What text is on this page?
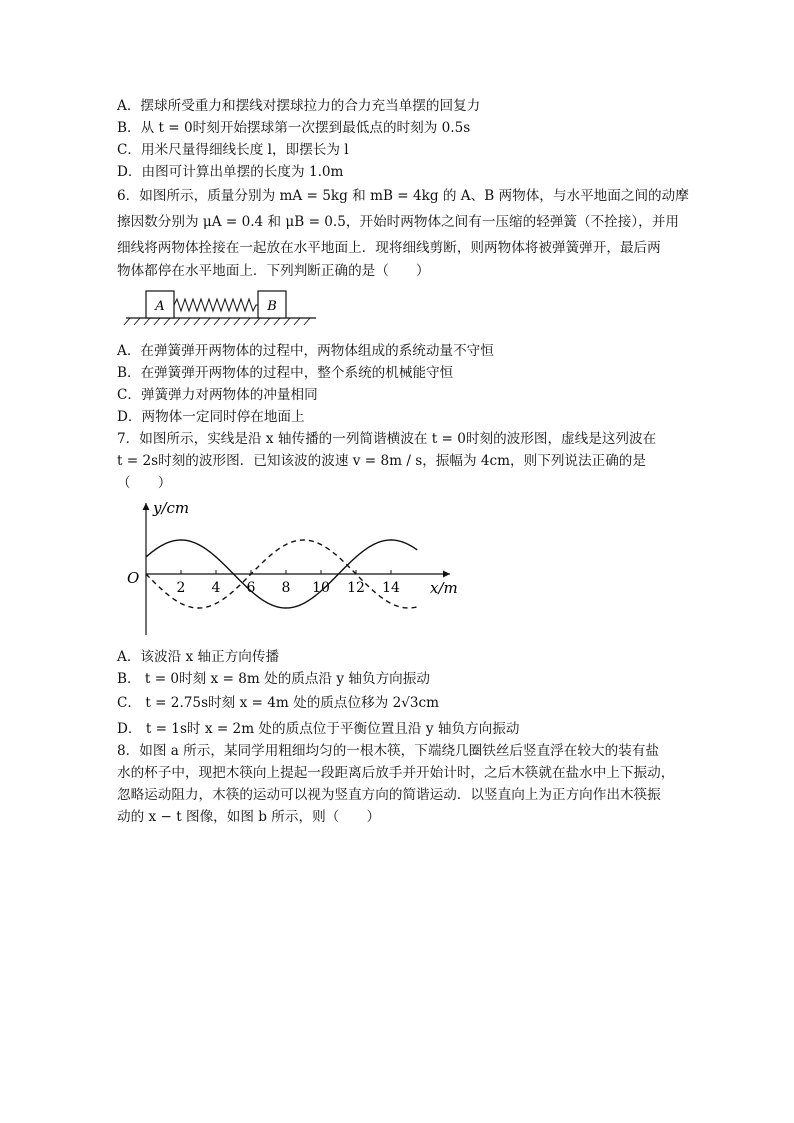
A．摆球所受重力和摆线对摆球拉力的合力充当单摆的回复力
B．从 t = 0时刻开始摆球第一次摆到最低点的时刻为 0.5s
C．用米尺量得细线长度 l，即摆长为 l
D．由图可计算出单摆的长度为 1.0m
6．如图所示，质量分别为 mA = 5kg 和 mB = 4kg 的 A、B 两物体，与水平地面之间的动摩
擦因数分别为 μA = 0.4 和 μB = 0.5，开始时两物体之间有一压缩的轻弹簧（不拴接），并用
细线将两物体拴接在一起放在水平地面上．现将细线剪断，则两物体将被弹簧弹开，最后两
物体都停在水平地面上．下列判断正确的是（　　）
A	B
A．在弹簧弹开两物体的过程中，两物体组成的系统动量不守恒
B．在弹簧弹开两物体的过程中，整个系统的机械能守恒
C．弹簧弹力对两物体的冲量相同
D．两物体一定同时停在地面上
7．如图所示，实线是沿 x 轴传播的一列简谐横波在 t = 0时刻的波形图，虚线是这列波在
t = 2s时刻的波形图．已知该波的波速 v = 8m / s，振幅为 4cm，则下列说法正确的是
（　　）
y/cm
x/m
O
2 4 6 8 10 12 14
A．该波沿 x 轴正方向传播
B． t = 0时刻 x = 8m 处的质点沿 y 轴负方向振动
C． t = 2.75s时刻 x = 4m 处的质点位移为 2√3cm
D． t = 1s时 x = 2m 处的质点位于平衡位置且沿 y 轴负方向振动
8．如图 a 所示，某同学用粗细均匀的一根木筷，下端绕几圈铁丝后竖直浮在较大的装有盐
水的杯子中，现把木筷向上提起一段距离后放手并开始计时，之后木筷就在盐水中上下振动，
忽略运动阻力，木筷的运动可以视为竖直方向的简谐运动．以竖直向上为正方向作出木筷振
动的 x − t 图像，如图 b 所示，则（　　）
